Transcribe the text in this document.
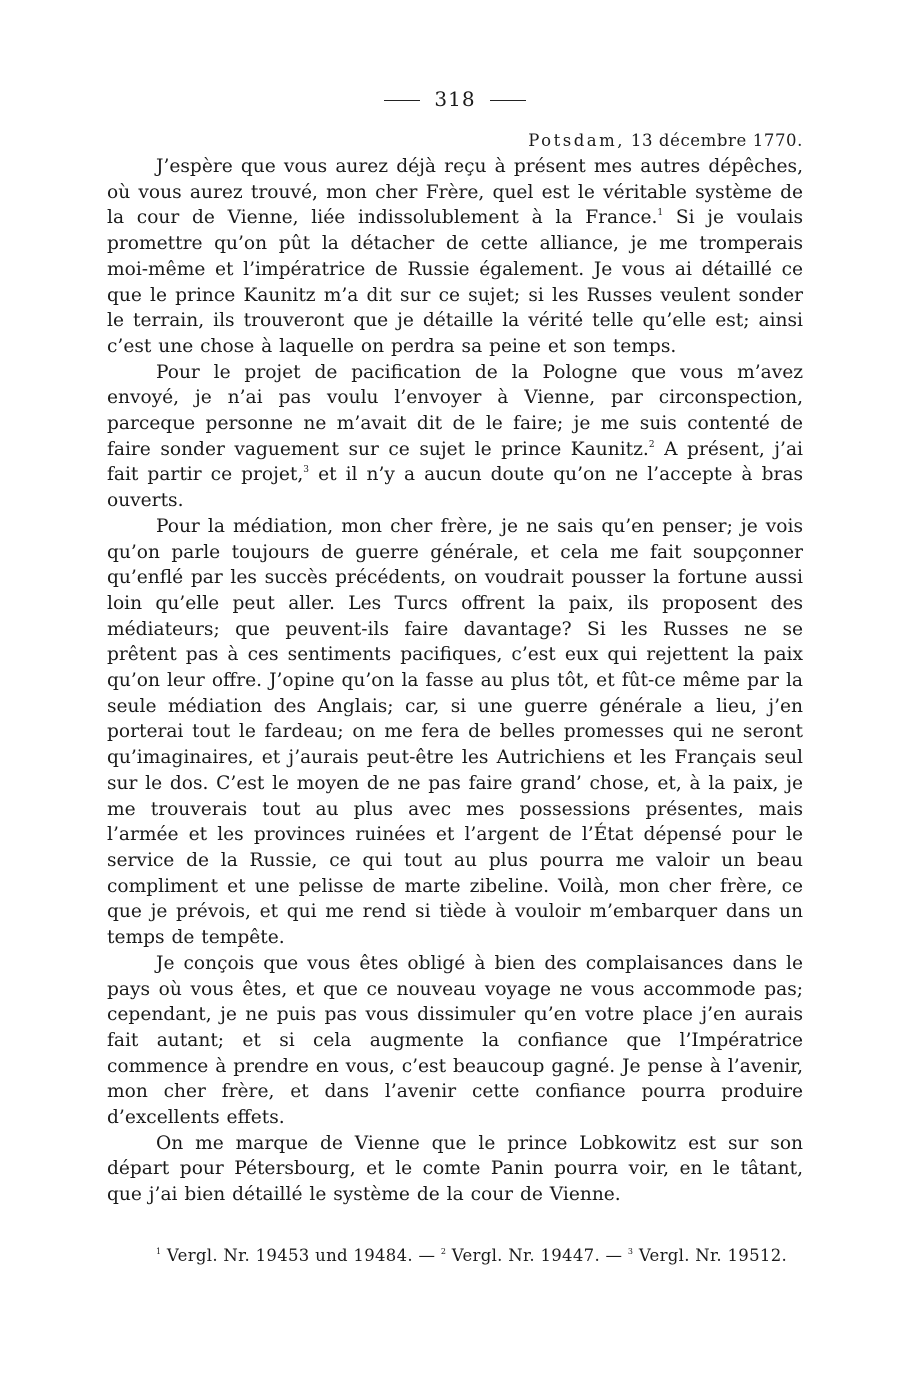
318
Potsdam, 13 décembre 1770.

J’espère que vous aurez déjà reçu à présent mes autres dépêches, où vous aurez trouvé, mon cher Frère, quel est le véritable système de la cour de Vienne, liée indissolublement à la France.$^1$ Si je voulais promettre qu’on pût la détacher de cette alliance, je me tromperais moi-même et l’impératrice de Russie également. Je vous ai détaillé ce que le prince Kaunitz m’a dit sur ce sujet; si les Russes veulent sonder le terrain, ils trouveront que je détaille la vérité telle qu’elle est; ainsi c’est une chose à laquelle on perdra sa peine et son temps.

Pour le projet de pacification de la Pologne que vous m’avez envoyé, je n’ai pas voulu l’envoyer à Vienne, par circonspection, parceque personne ne m’avait dit de le faire; je me suis contenté de faire sonder vaguement sur ce sujet le prince Kaunitz.$^2$ A présent, j’ai fait partir ce projet,$^3$ et il n’y a aucun doute qu’on ne l’accepte à bras ouverts.

Pour la médiation, mon cher frère, je ne sais qu’en penser; je vois qu’on parle toujours de guerre générale, et cela me fait soupçonner qu’enflé par les succès précédents, on voudrait pousser la fortune aussi loin qu’elle peut aller. Les Turcs offrent la paix, ils proposent des médiateurs; que peuvent-ils faire davantage? Si les Russes ne se prêtent pas à ces sentiments pacifiques, c’est eux qui rejettent la paix qu’on leur offre. J’opine qu’on la fasse au plus tôt, et fût-ce même par la seule médiation des Anglais; car, si une guerre générale a lieu, j’en porterai tout le fardeau; on me fera de belles promesses qui ne seront qu’imaginaires, et j’aurais peut-être les Autrichiens et les Français seul sur le dos. C’est le moyen de ne pas faire grand’ chose, et, à la paix, je me trouverais tout au plus avec mes possessions présentes, mais l’armée et les provinces ruinées et l’argent de l’État dépensé pour le service de la Russie, ce qui tout au plus pourra me valoir un beau compliment et une pelisse de marte zibeline. Voilà, mon cher frère, ce que je prévois, et qui me rend si tiède à vouloir m’embarquer dans un temps de tempête.

Je conçois que vous êtes obligé à bien des complaisances dans le pays où vous êtes, et que ce nouveau voyage ne vous accommode pas; cependant, je ne puis pas vous dissimuler qu’en votre place j’en aurais fait autant; et si cela augmente la confiance que l’Impératrice commence à prendre en vous, c’est beaucoup gagné. Je pense à l’avenir, mon cher frère, et dans l’avenir cette confiance pourra produire d’excellents effets.

On me marque de Vienne que le prince Lobkowitz est sur son départ pour Pétersbourg, et le comte Panin pourra voir, en le tâtant, que j’ai bien détaillé le système de la cour de Vienne.

$^1$ Vergl. Nr. 19453 und 19484. — $^2$ Vergl. Nr. 19447. — $^3$ Vergl. Nr. 19512.
